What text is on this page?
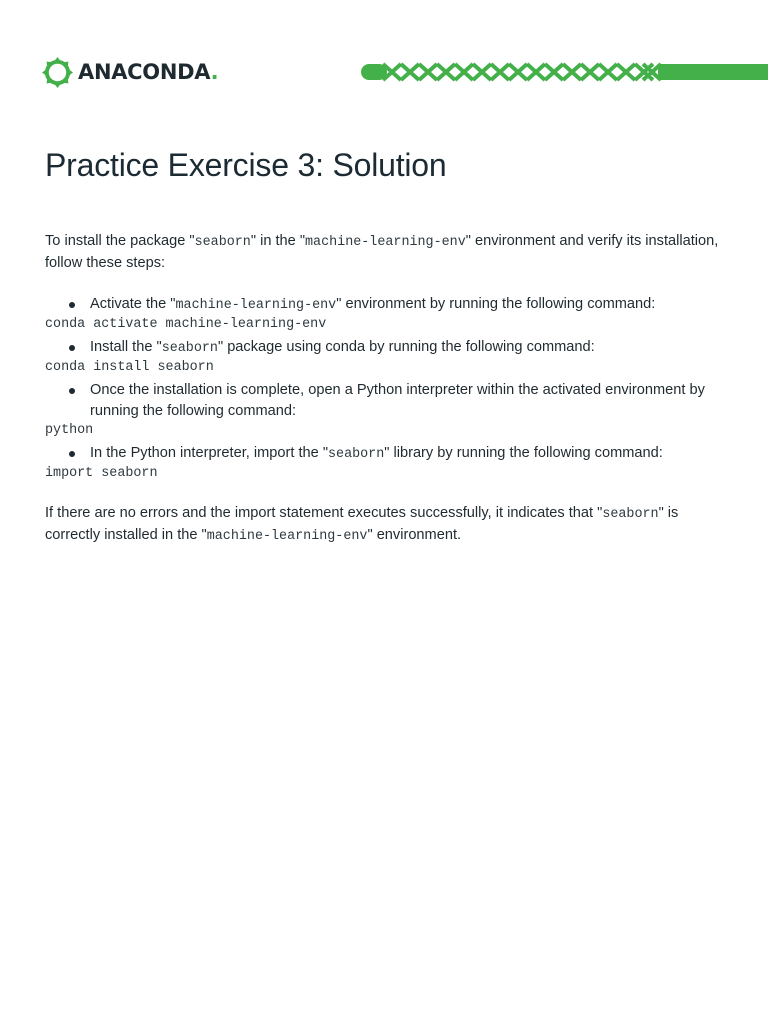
ANACONDA.
Practice Exercise 3: Solution

To install the package "seaborn" in the "machine-learning-env" environment and verify its installation, follow these steps:

Activate the "machine-learning-env" environment by running the following command:
conda activate machine-learning-env
Install the "seaborn" package using conda by running the following command:
conda install seaborn
Once the installation is complete, open a Python interpreter within the activated environment by running the following command:
python
In the Python interpreter, import the "seaborn" library by running the following command:
import seaborn

If there are no errors and the import statement executes successfully, it indicates that "seaborn" is correctly installed in the "machine-learning-env" environment.
